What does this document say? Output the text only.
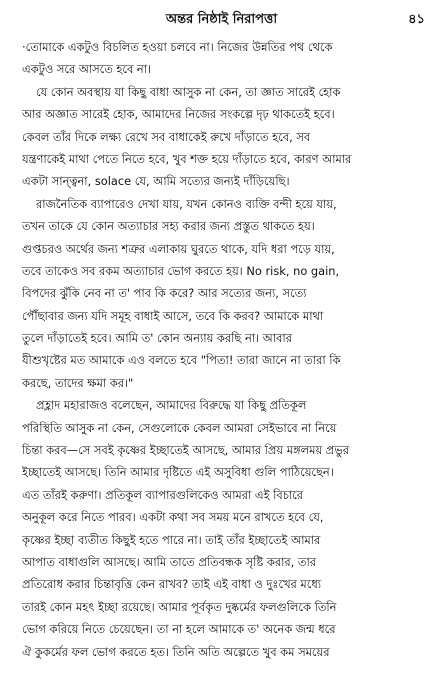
অন্তর নিষ্ঠাই নিরাপত্তা	৪১
·তোমাকে একটুও বিচলিত হওয়া চলবে না। নিজের উন্নতির পথ থেকে
একটুও সরে আসতে হবে না।
যে কোন অবস্থায় যা কিছু বাধা আসুক না কেন, তা জ্ঞাত সারেই হোক
আর অজ্ঞাত সারেই হোক, আমাদের নিজের সংকল্পে দৃঢ় থাকতেই হবে।
কেবল তাঁর দিকে লক্ষ্য রেখে সব বাধাকেই রুখে দাঁড়াতে হবে, সব
যন্ত্রণাকেই মাথা পেতে নিতে হবে, খুব শক্ত হয়ে দাঁড়াতে হবে, কারণ আমার
একটা সান্ত্বনা, solace যে, আমি সত্যের জন্যই দাঁড়িয়েছি।
রাজনৈতিক ব্যাপারেও দেখা যায়, যখন কোনও ব্যক্তি বন্দী হয়ে যায়,
তখন তাকে যে কোন অত্যাচার সহ্য করার জন্য প্রস্তুত থাকতে হয়।
গুপ্তচরও অর্থের জন্য শত্রুর এলাকায় ঘুরতে থাকে, যদি ধরা পড়ে যায়,
তবে তাকেও সব রকম অত্যাচার ভোগ করতে হয়। No risk, no gain,
বিপদের ঝুঁকি নেব না ত' পাব কি করে? আর সত্যের জন্য, সত্যে
পৌঁছাবার জন্য যদি সমূহ বাধাই আসে, তবে কি করব? আমাকে মাথা
তুলে দাঁড়াতেই হবে। আমি ত' কোন অন্যায় করছি না। আবার
যীশুখৃষ্টের মত আমাকে এও বলতে হবে "পিতা! তারা জানে না তারা কি
করছে, তাদের ক্ষমা কর।"
প্রহ্লাদ মহারাজও বলেছেন, আমাদের বিরুদ্ধে যা কিছু প্রতিকূল
পরিস্থিতি আসুক না কেন, সেগুলোকে কেবল আমরা সেইভাবে না নিয়ে
চিন্তা করব—সে সবই কৃষ্ণের ইচ্ছাতেই আসছে, আমার প্রিয় মঙ্গলময় প্রভুর
ইচ্ছাতেই আসছে। তিনি আমার দৃষ্টিতে এই অসুবিধা গুলি পাঠিয়েছেন।
এত তাঁরই করুণা। প্রতিকূল ব্যাপারগুলিকেও আমরা এই বিচারে
অনুকূল করে নিতে পারব। একটা কথা সব সময় মনে রাখতে হবে যে,
কৃষ্ণের ইচ্ছা ব্যতীত কিছুই হতে পারে না। তাই তাঁর ইচ্ছাতেই আমার
আপাত বাধাগুলি আসছে। আমি তাতে প্রতিবন্ধক সৃষ্টি করার, তার
প্রতিরোধ করার চিন্তাবৃত্তি কেন রাখব? তাই এই বাধা ও দুঃখের মধ্যে
তারই কোন মহৎ ইচ্ছা রয়েছে। আমার পূর্বকৃত দুষ্কর্মের ফলগুলিকে তিনি
ভোগ করিয়ে নিতে চেয়েছেন। তা না হলে আমাকে ত' অনেক জন্ম ধরে
ঐ কুকর্মের ফল ভোগ করতে হত। তিনি অতি অল্পেতে খুব কম সময়ের
